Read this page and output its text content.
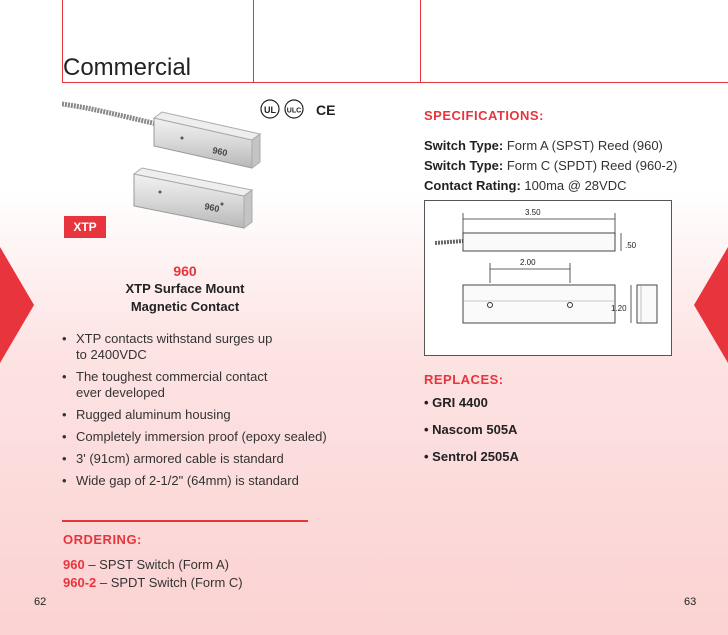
Commercial
960
960
UL ULC CE
XTP
960
XTP Surface Mount
Magnetic Contact
• XTP contacts withstand surges up
to 2400VDC
• The toughest commercial contact
ever developed
• Rugged aluminum housing
• Completely immersion proof (epoxy sealed)
• 3' (91cm) armored cable is standard
• Wide gap of 2-1/2" (64mm) is standard
ORDERING:
960 – SPST Switch (Form A)
960-2 – SPDT Switch (Form C)
62	63
SPECIFICATIONS:
Switch Type: Form A (SPST) Reed (960)
Switch Type: Form C (SPDT) Reed (960-2)
Contact Rating: 100ma @ 28VDC
3.50
.50
2.00
1.20
REPLACES:
• GRI 4400
• Nascom 505A
• Sentrol 2505A
